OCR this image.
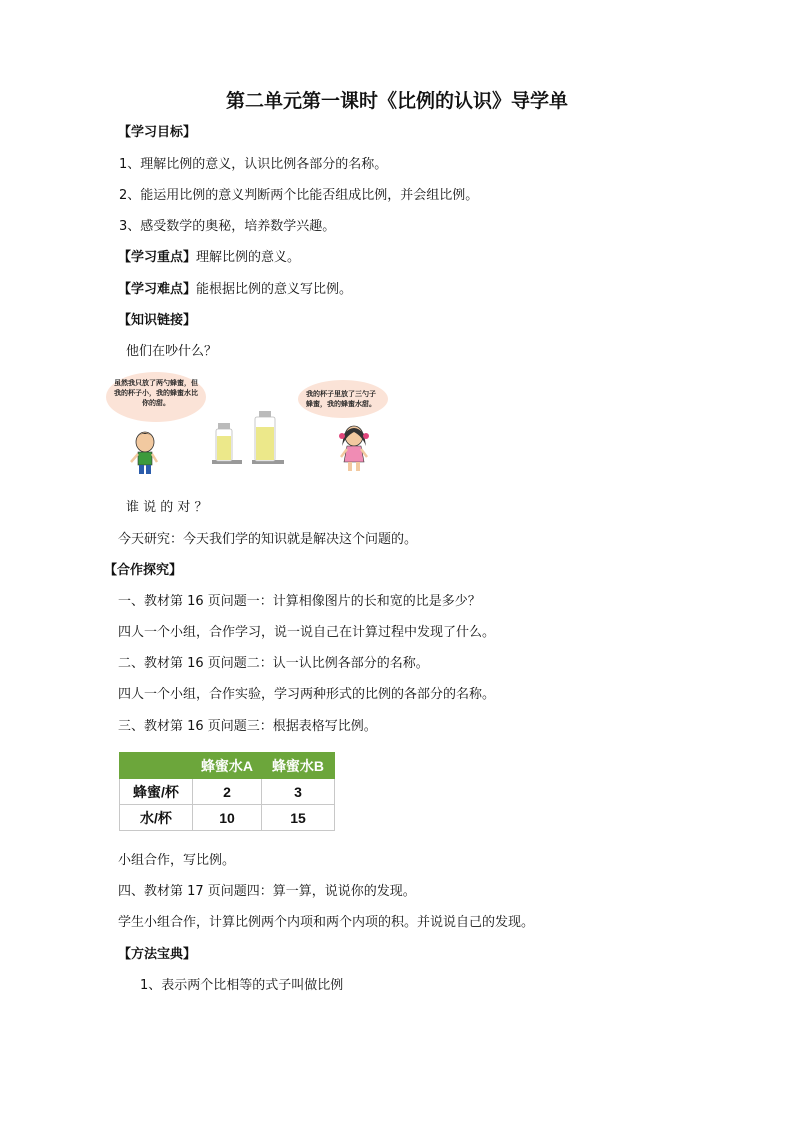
第二单元第一课时《比例的认识》导学单
【学习目标】
1、理解比例的意义，认识比例各部分的名称。
2、能运用比例的意义判断两个比能否组成比例，并会组比例。
3、感受数学的奥秘，培养数学兴趣。
【学习重点】理解比例的意义。
【学习难点】能根据比例的意义写比例。
【知识链接】
他们在吵什么？
虽然我只放了两勺蜂蜜，但我的杯子小，我的蜂蜜水比你的甜。
我的杯子里放了三勺子蜂蜜，我的蜂蜜水甜。
谁 说 的 对 ？
今天研究：今天我们学的知识就是解决这个问题的。
【合作探究】
一、教材第 16 页问题一：计算相像图片的长和宽的比是多少？
四人一个小组，合作学习，说一说自己在计算过程中发现了什么。
二、教材第 16 页问题二：认一认比例各部分的名称。
四人一个小组，合作实验，学习两种形式的比例的各部分的名称。
三、教材第 16 页问题三：根据表格写比例。
	蜂蜜水A	蜂蜜水B
蜂蜜/杯	2	3
水/杯	10	15
小组合作，写比例。
四、教材第 17 页问题四：算一算，说说你的发现。
学生小组合作，计算比例两个内项和两个内项的积。并说说自己的发现。
【方法宝典】
1、表示两个比相等的式子叫做比例
